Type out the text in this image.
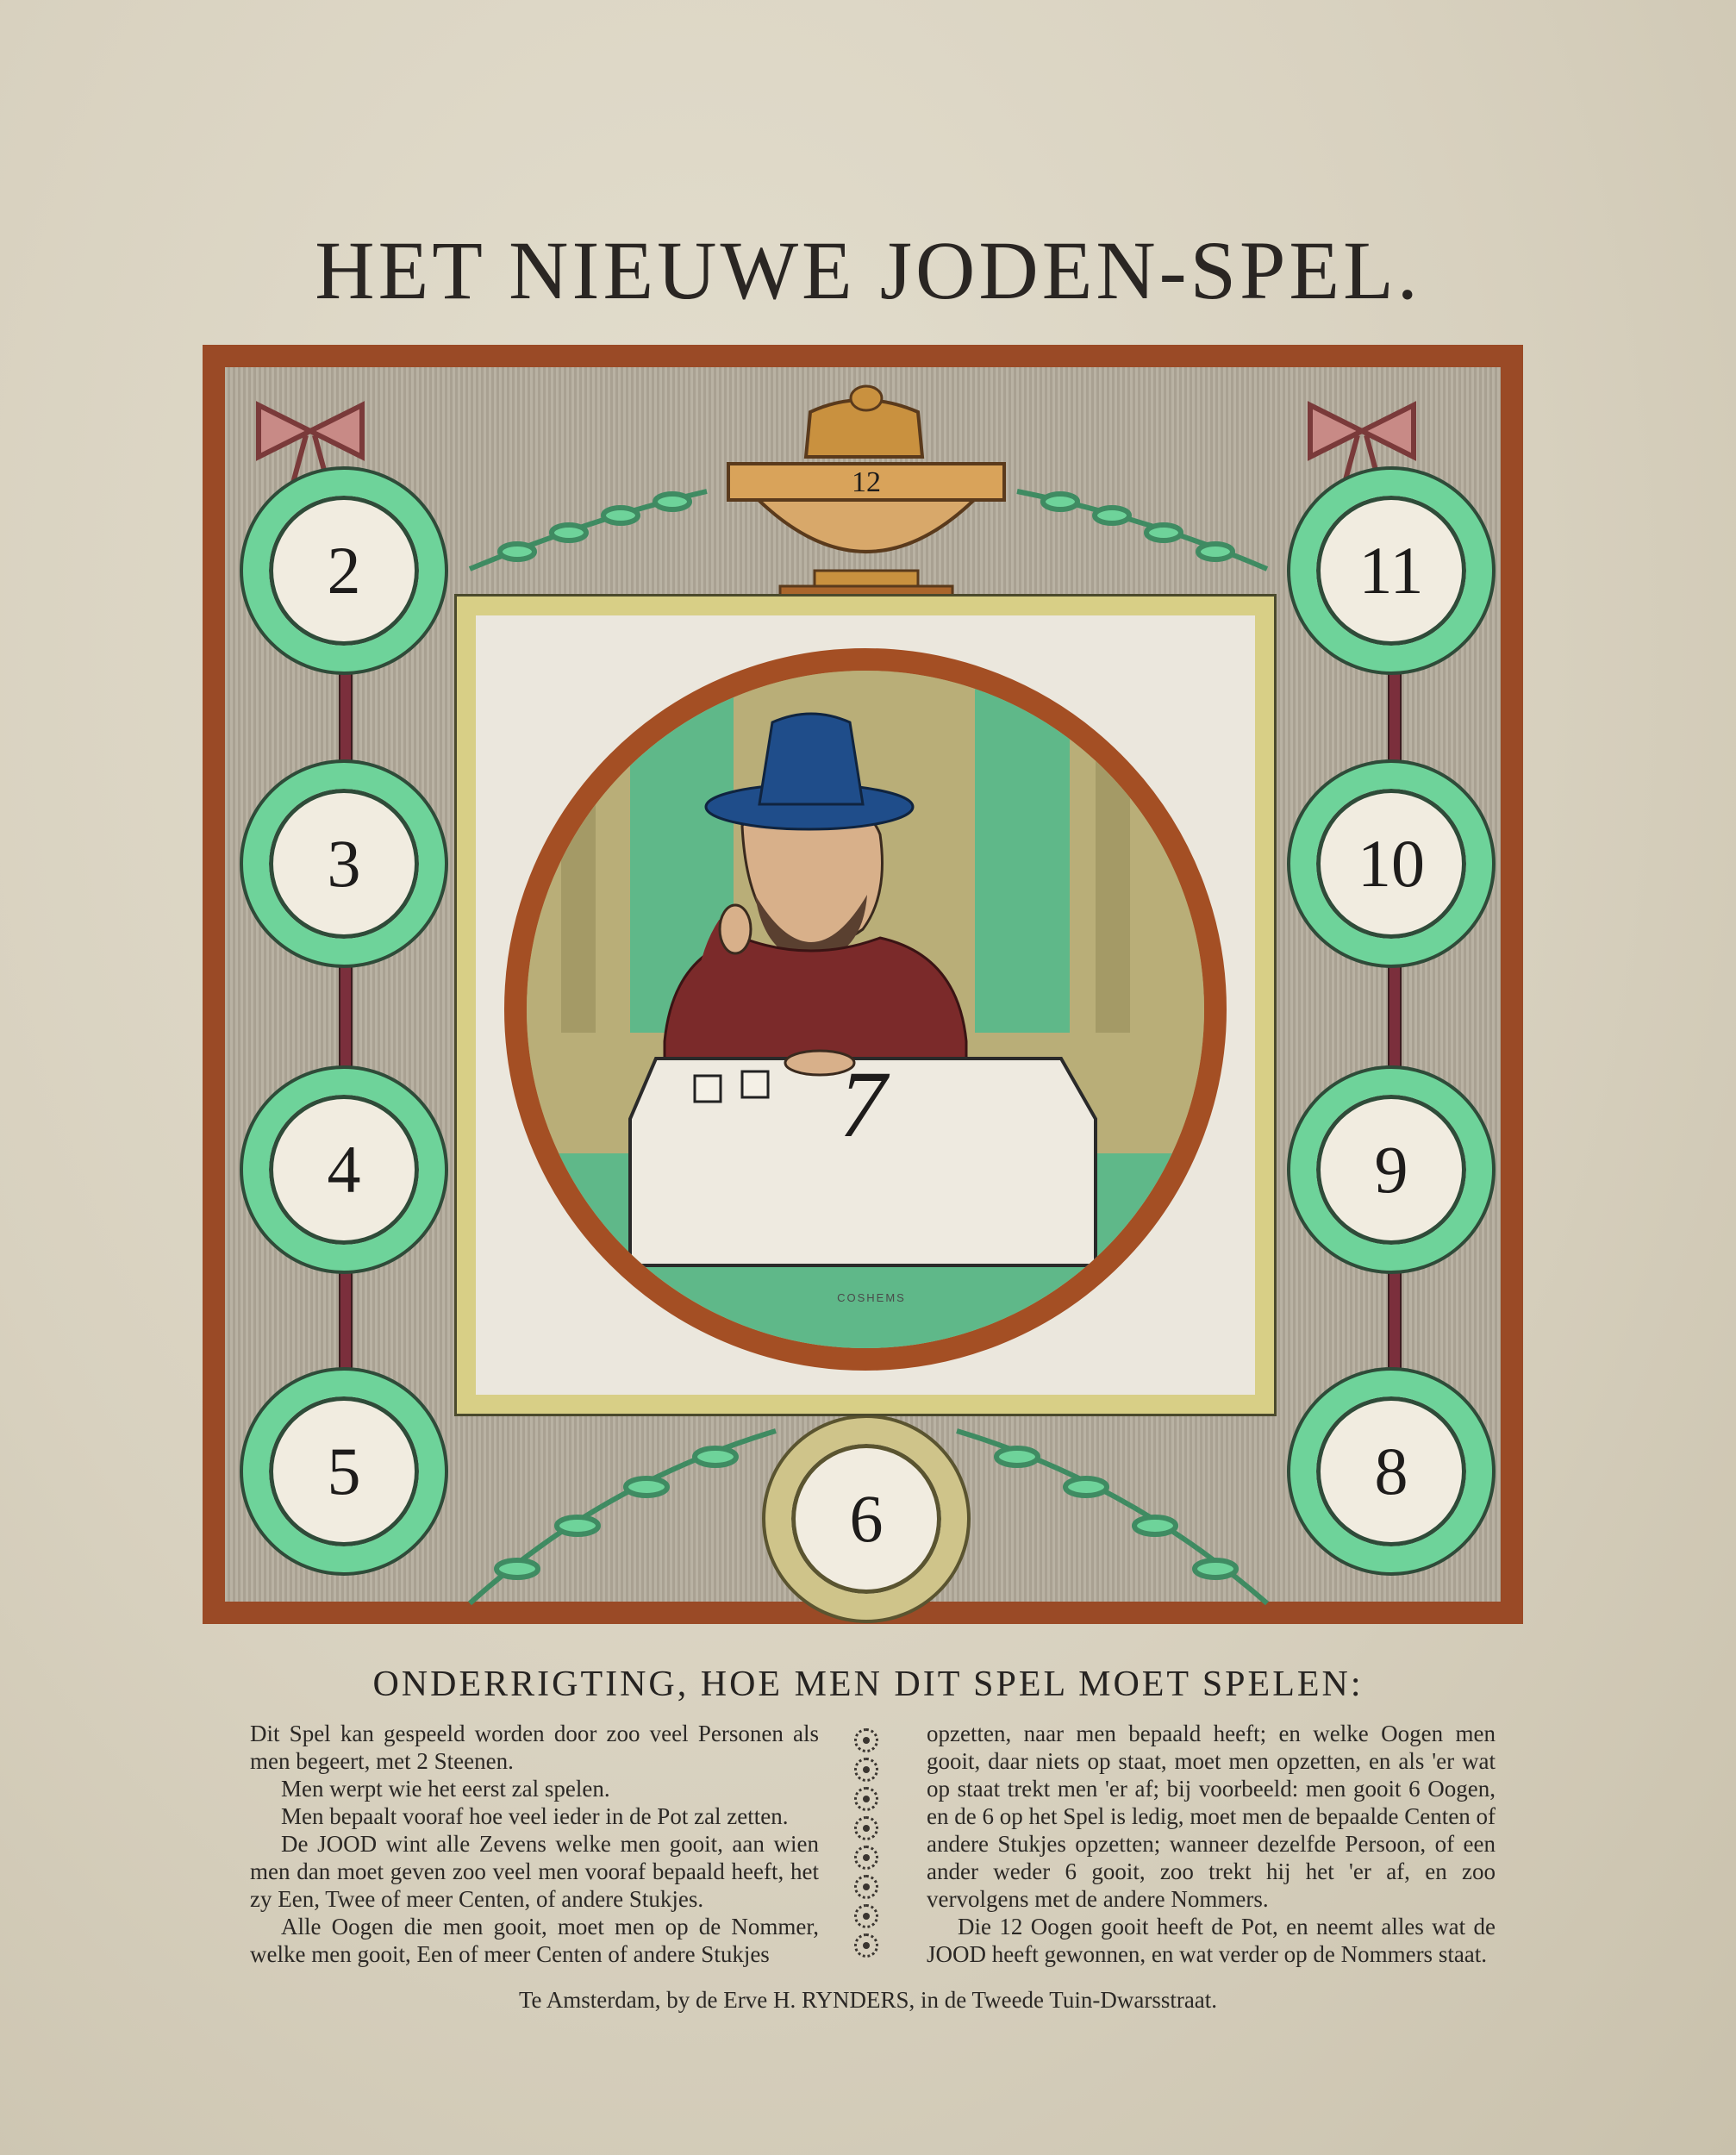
HET NIEUWE JODEN-SPEL.
12
2
3
4
5
11
10
9
8
6
7
COSHEMS
ONDERRIGTING, HOE MEN DIT SPEL MOET SPELEN:

Dit Spel kan gespeeld worden door zoo veel Personen als men begeert, met 2 Steenen.

Men werpt wie het eerst zal spelen.

Men bepaalt vooraf hoe veel ieder in de Pot zal zetten.

De JOOD wint alle Zevens welke men gooit, aan wien men dan moet geven zoo veel men vooraf bepaald heeft, het zy Een, Twee of meer Centen, of andere Stukjes.

Alle Oogen die men gooit, moet men op de Nommer, welke men gooit, Een of meer Centen of andere Stukjes

opzetten, naar men bepaald heeft; en welke Oogen men gooit, daar niets op staat, moet men opzetten, en als 'er wat op staat trekt men 'er af; bij voorbeeld: men gooit 6 Oogen, en de 6 op het Spel is ledig, moet men de bepaalde Centen of andere Stukjes opzetten; wanneer dezelfde Persoon, of een ander weder 6 gooit, zoo trekt hij het 'er af, en zoo vervolgens met de andere Nommers.

Die 12 Oogen gooit heeft de Pot, en neemt alles wat de JOOD heeft gewonnen, en wat verder op de Nommers staat.

Te Amsterdam, by de Erve H. RYNDERS, in de Tweede Tuin-Dwarsstraat.
